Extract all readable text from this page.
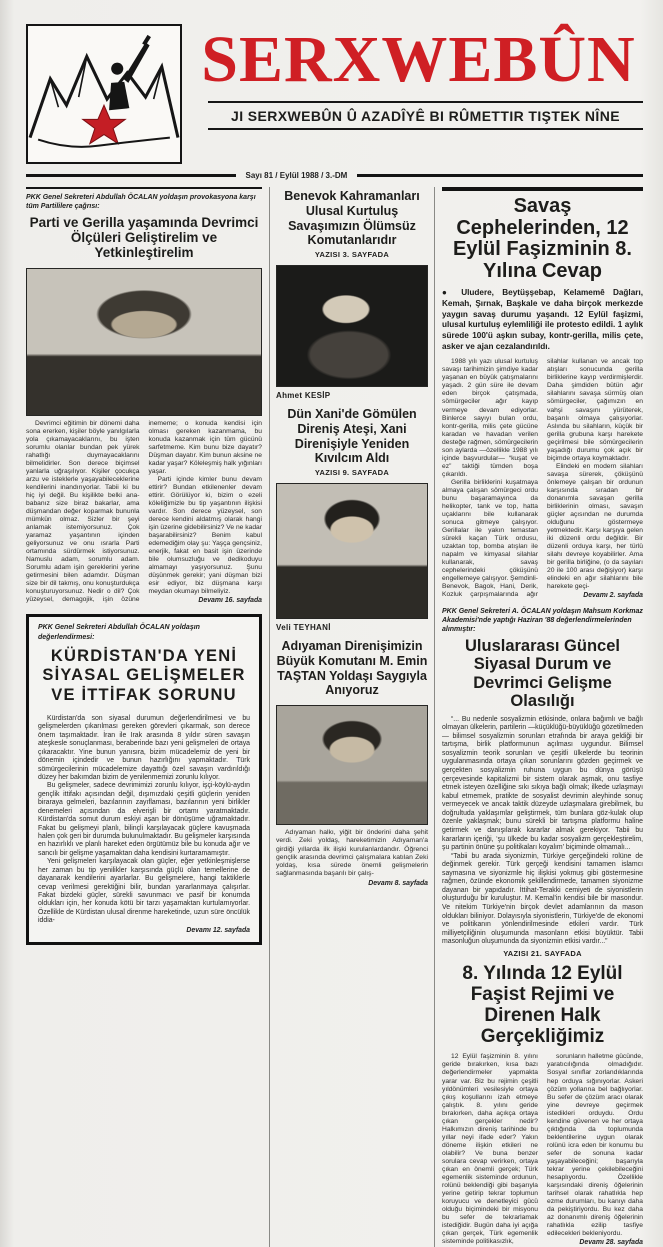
SERXWEBÛN
JI SERXWEBÛN Û AZADÎYÊ BI RÛMETTIR TIŞTEK NÎNE
Sayı 81 / Eylül 1988 / 3.-DM
PKK Genel Sekreteri Abdullah ÖCALAN yoldaşın provokasyona karşı tüm Partililere çağrısı:
Parti ve Gerilla yaşamında Devrimci Ölçüleri Geliştirelim ve Yetkinleştirelim

Devrimci eğitimin bir dönemi daha sona ererken, kişiler böyle yanılgılarla yola çıkamayacaklarını, bu işten sorumlu olanlar bundan pek yürek rahatlığı duymayacaklarını bilmelidirler. Son derece biçimsel yanlarla uğraşılıyor. Kişiler çocukça arzu ve isteklerle yaşayabileceklerine kendilerini inandırıyorlar. Tabii ki bu hiç iyi değil. Bu kişilikte belki ana-babanız size biraz bakarlar, ama düşmandan değer koparmak bununla mümkün olmaz. Sizler bir şeyi anlamak istemiyorsunuz. Çok yaramaz yaşantının içinden geliyorsunuz ve onu ısrarla Parti ortamında sürdürmek istiyorsunuz. Namuslu adam, sorumlu adam. Sorumlu adam işin gereklerini yerine getirmesini bilen adamdır. Düşman size bir dil takmış, onu konuşturdukça konuşturuyorsunuz. Nedir o dil? Çok yüzeysel, demagojik, işin özüne inememe; o konuda kendisi için olması gereken kazanmama, bu konuda kazanmak için tüm gücünü sarfetmeme. Kim bunu bize dayatır? Düşman dayatır. Kim bunun aksine ne kadar yaşar? Köleleşmiş halk yığınları yaşar.

Parti içinde kimler bunu devam ettirir? Bundan etkilenenler devam ettirir. Görülüyor ki, bizim o ezeli köleliğimizle bu tip yaşantının ilişkisi vardır. Son derece yüzeysel, son derece kendini aldatmış olarak hangi işin üzerine gidebilirsiniz? Ve ne kadar başarabilirsiniz? Benim kabul edemediğim olay şu: Yaşça gençsiniz, enerjik, fakat en basit işin üzerinde bile olumsuzluğu ve dedikoduyu almamayı yaşıyorsunuz. Şunu düşünmek gerekir; yani düşman bizi esir ediyor, biz düşmana karşı meydan okumayı bilmeliyiz.

Devamı 16. sayfada
PKK Genel Sekreteri Abdullah ÖCALAN yoldaşın değerlendirmesi:
KÜRDİSTAN'DA YENİ SİYASAL GELİŞMELER VE İTTİFAK SORUNU

Kürdistan'da son siyasal durumun değerlendirilmesi ve bu gelişmelerden çıkarılması gereken görevleri çıkarmak, son derece önem taşımaktadır. İran ile Irak arasında 8 yıldır süren savaşın ateşkesle sonuçlanması, beraberinde bazı yeni gelişmeleri de ortaya çıkaracaktır. Yine bunun yanısıra, bizim mücadelemiz de yeni bir dönemin içindedir ve bunun hazırlığını yapmaktadır. Türk sömürgecilerinin mücadelemize dayattığı özel savaşın vardırıldığı düzey her bakımdan bizim de yenilenmemizi zorunlu kılıyor.

Bu gelişmeler, sadece devrimimizi zorunlu kılıyor, işçi-köylü-aydın gençlik ittifakı açısından değil, dışımızdaki çeşitli güçlerin yeniden biraraya gelmeleri, bazılarının zayıflaması, bazılarının yeni birlikler denemeleri açısından da elverişli bir ortamı yaratmaktadır. Kürdistan'da somut durum eskiyi aşan bir dönüşüme uğramaktadır. Fakat bu gelişmeyi planlı, bilinçli karşılayacak güçlere kavuşmada halen çok geri bir durumda bulunulmaktadır. Bu gelişmeler karşısında en hazırlıklı ve planlı hareket eden örgütümüz bile bu konuda ağır ve sancılı bir gelişme yaşamaktan daha kendisini kurtaramamıştır.

Yeni gelişmeleri karşılayacak olan güçler, eğer yetkinleşmişlerse her zaman bu tip yenilikler karşısında güçlü olan temellerine de dayanarak kendilerini ayarlarlar. Bu gelişmelere, hangi taktiklerle cevap verilmesi gerektiğini bilir, bundan yararlanmaya çalışırlar. Fakat bizdeki güçler, sürekli savunmacı ve pasif bir konumda oldukları için, her konuda kötü bir tarzı yaşamaktan kurtulamıyorlar. Özellikle de Kürdistan ulusal direnme hareketinde, uzun süre öncülük iddia-

Devamı 12. sayfada
Benevok Kahramanları Ulusal Kurtuluş Savaşımızın Ölümsüz Komutanlarıdır
YAZISI 3. SAYFADA
Ahmet KESİP
Dün Xani'de Gömülen Direniş Ateşi, Xani Direnişiyle Yeniden Kıvılcım Aldı
YAZISI 9. SAYFADA
Veli TEYHANİ
Adıyaman Direnişimizin Büyük Komutanı M. Emin TAŞTAN Yoldaşı Saygıyla Anıyoruz

Adıyaman halkı, yiğit bir önderini daha şehit verdi. Zeki yoldaş, hareketimizin Adıyaman'a girdiği yıllarda ilk ilişki kurulanlardandır. Öğrenci gençlik arasında devrimci çalışmalara katılan Zeki yoldaş, kısa sürede önemli gelişmelerin sağlanmasında başarılı bir çalış-

Devamı 8. sayfada
Savaş Cephelerinden, 12 Eylül Faşizminin 8. Yılına Cevap
● Uludere, Beytüşşebap, Kelamemê Dağları, Kemah, Şırnak, Başkale ve daha birçok merkezde yaygın savaş durumu yaşandı. 12 Eylül faşizmi, ulusal kurtuluş eylemliliği ile protesto edildi. 1 aylık sürede 100'ü aşkın subay, kontr-gerilla, milis çete, asker ve ajan cezalandırıldı.

1988 yılı yazı ulusal kurtuluş savaşı tarihimizin şimdiye kadar yaşanan en büyük çatışmalarını yaşadı. 2 gün süre ile devam eden birçok çatışmada, sömürgeciler ağır kayıp vermeye devam ediyorlar. Binlerce sayıyı bulan ordu, kontr-gerilla, milis çete gücüne karadan ve havadan verilen desteğe rağmen, sömürgecilerin son aylarda —özellikle 1988 yılı içinde başvurdular— “kuşat ve ez” taktiği tümden boşa çıkarıldı.

Gerilla birliklerini kuşatmaya almaya çalışan sömürgeci ordu bunu başaramayınca da helikopter, tank ve top, hatta uçaklarını bile kullanarak sonuca gitmeye çalışıyor. Gerillalar ile yakın temastan sürekli kaçan Türk ordusu, uzaktan top, bomba atışları ile napalm ve kimyasal silahlar kullanarak, savaş cephelerindeki çöküşünü engellemeye çalışıyor. Şemdinli-Benevok, Bagok, Hani, Derik, Kozluk çarpışmalarında ağır silahlar kullanan ve ancak top atışları sonucunda gerilla birliklerine kayıp verdirmişlerdir. Daha şimdiden bütün ağır silahlarını savaşa sürmüş olan sömürgeciler, çağımızın en vahşi savaşını yürüterek, başarılı olmaya çalışıyorlar. Aslında bu silahların, küçük bir gerilla grubuna karşı harekete geçirilmesi bile sömürgecilerin yaşadığı durumu çok açık bir biçimde ortaya koymaktadır.

Elindeki en modern silahları savaşa sürerek, çöküşünü önlemeye çalışan bir ordunun karşısında sıradan bir donanımla savaşan gerilla birliklerinin olması, savaşın güçler açısından ne durumda olduğunu göstermeye yetmektedir. Karşı karşıya gelen iki düzenli ordu değildir. Bir düzenli orduya karşı, her türlü silahı devreye koyabilirler. Ama bir gerilla birliğine, (o da sayıları 20 ile 100 arası değişiyor) karşı elindeki en ağır silahlarını bile harekete geçi-

Devamı 2. sayfada
PKK Genel Sekreteri A. ÖCALAN yoldaşın Mahsum Korkmaz Akademisi'nde yaptığı Haziran '88 değerlendirmelerinden alınmıştır:
Uluslararası Güncel Siyasal Durum ve Devrimci Gelişme Olasılığı

“... Bu nedenle sosyalizmin etkisinde, onlara bağımlı ve bağlı olmayan ülkelerin, partilerin —küçüklüğü-büyüklüğü gözetilmeden— bilimsel sosyalizmin sorunları etrafında bir araya geldiği bir tartışma, birlik platformunun açılması uygundur. Bilimsel sosyalizmin teorik sorunları ve çeşitli ülkelerde bu teorinin uygulanmasında ortaya çıkan sorunlarını gözden geçirmek ve gerçekten sosyalizmin ruhuna uygun bu dünya görüşü çerçevesinde kapitalizmi bir sistem olarak aşmak, onu tasfiye etmek isteyen özelliğine sıkı sıkıya bağlı olmak; ilkede uzlaşmayı kabul etmemek, pratikte de sosyalist devrimin aleyhinde sonuç vermeyecek ve ancak taktik düzeyde uzlaşmalara girebilmek, bu doğrultuda yaklaşımlar geliştirmek, tüm bunlara göz-kulak olup özenle yaklaşmak; bunu sürekli bir tartışma platformu haline getirmek ve danışılarak kararlar almak gerekiyor. Tabii bu kararların içeriği, ‘şu ülkede bu kadar sosyalizm gerçekleştirelim, şu partinin önüne şu politikaları koyalım’ biçiminde olmamalı...

“Tabii bu arada siyonizmin, Türkiye gerçeğindeki rolüne de değinmek gerekir. Türk gerçeği kendisini tamamen islamcı saymasına ve siyonizmle hiç ilişkisi yokmuş gibi göstermesine rağmen, özünde ekonomik şekillendirmede, tamamen siyonizme dayanan bir yapıdadır. İttihat-Terakki cemiyeti de siyonistlerin oluşturduğu bir kuruluştur. M. Kemal'in kendisi bile bir masondur. Ve nitekim Türkiye'nin birçok devlet adamlarının da mason oldukları biliniyor. Dolayısıyla siyonistlerin, Türkiye'de de ekonomi ve politikanın yönlendirilmesinde etkileri vardır. Türk milliyetçiliğinin oluşumunda masonların etkisi büyüktür. Tabii masonluğun oluşumunda da siyonizmin etkisi vardır...”

YAZISI 21. SAYFADA
8. Yılında 12 Eylül Faşist Rejimi ve Direnen Halk Gerçekliğimiz

12 Eylül faşizminin 8. yılını geride bırakırken, kısa bazı değerlendirmeler yapmakta yarar var. Biz bu rejimin çeşitli yıldönümleri vesilesiyle ortaya çıkış koşullarını izah etmeye çalıştık. 8. yılını geride bırakırken, daha açıkça ortaya çıkan gerçekler nedir? Halkımızın direniş tarihinde bu yıllar neyi ifade eder? Yakın döneme ilişkin etkileri ne olabilir? Ve buna benzer sorulara cevap verirken, ortaya çıkan en önemli gerçek; Türk egemenlik sisteminde ordunun, rolünü beklendiği gibi başarıyla yerine getirip tekrar toplumun koruyucu ve denetleyici gücü olduğu biçimindeki bir misyonu bu sefer de tekrarlamak istediğidir. Bugün daha iyi açığa çıkan gerçek, Türk egemenlik sisteminde politikasızlık,

sorunların halletme gücünde, yaratıcılığında olmadığıdır. Sosyal sınıflar zorlandıklarında hep orduya sığınıyorlar. Askeri çözüm yollarına bel bağlıyorlar. Bu sefer de çözüm aracı olarak yine devreye geçirmek istedikleri orduydu. Ordu kendine güvenen ve her ortaya çıktığında da toplumunda beklentilerine uygun olarak rolünü icra eden bir konumu bu sefer de sonuna kadar yaşayabileceğini; başarıyla tekrar yerine çekilebileceğini hesaplıyordu. Özellikle karşısındaki direniş öğelerinin tarihsel olarak rahatlıkla hep ezme durumları, bu kanıyı daha da pekiştiriyordu. Bu kez daha az donanımlı direniş öğelerinin rahatlıkla ezilip tasfiye edilecekleri bekleniyordu.

Devamı 28. sayfada
